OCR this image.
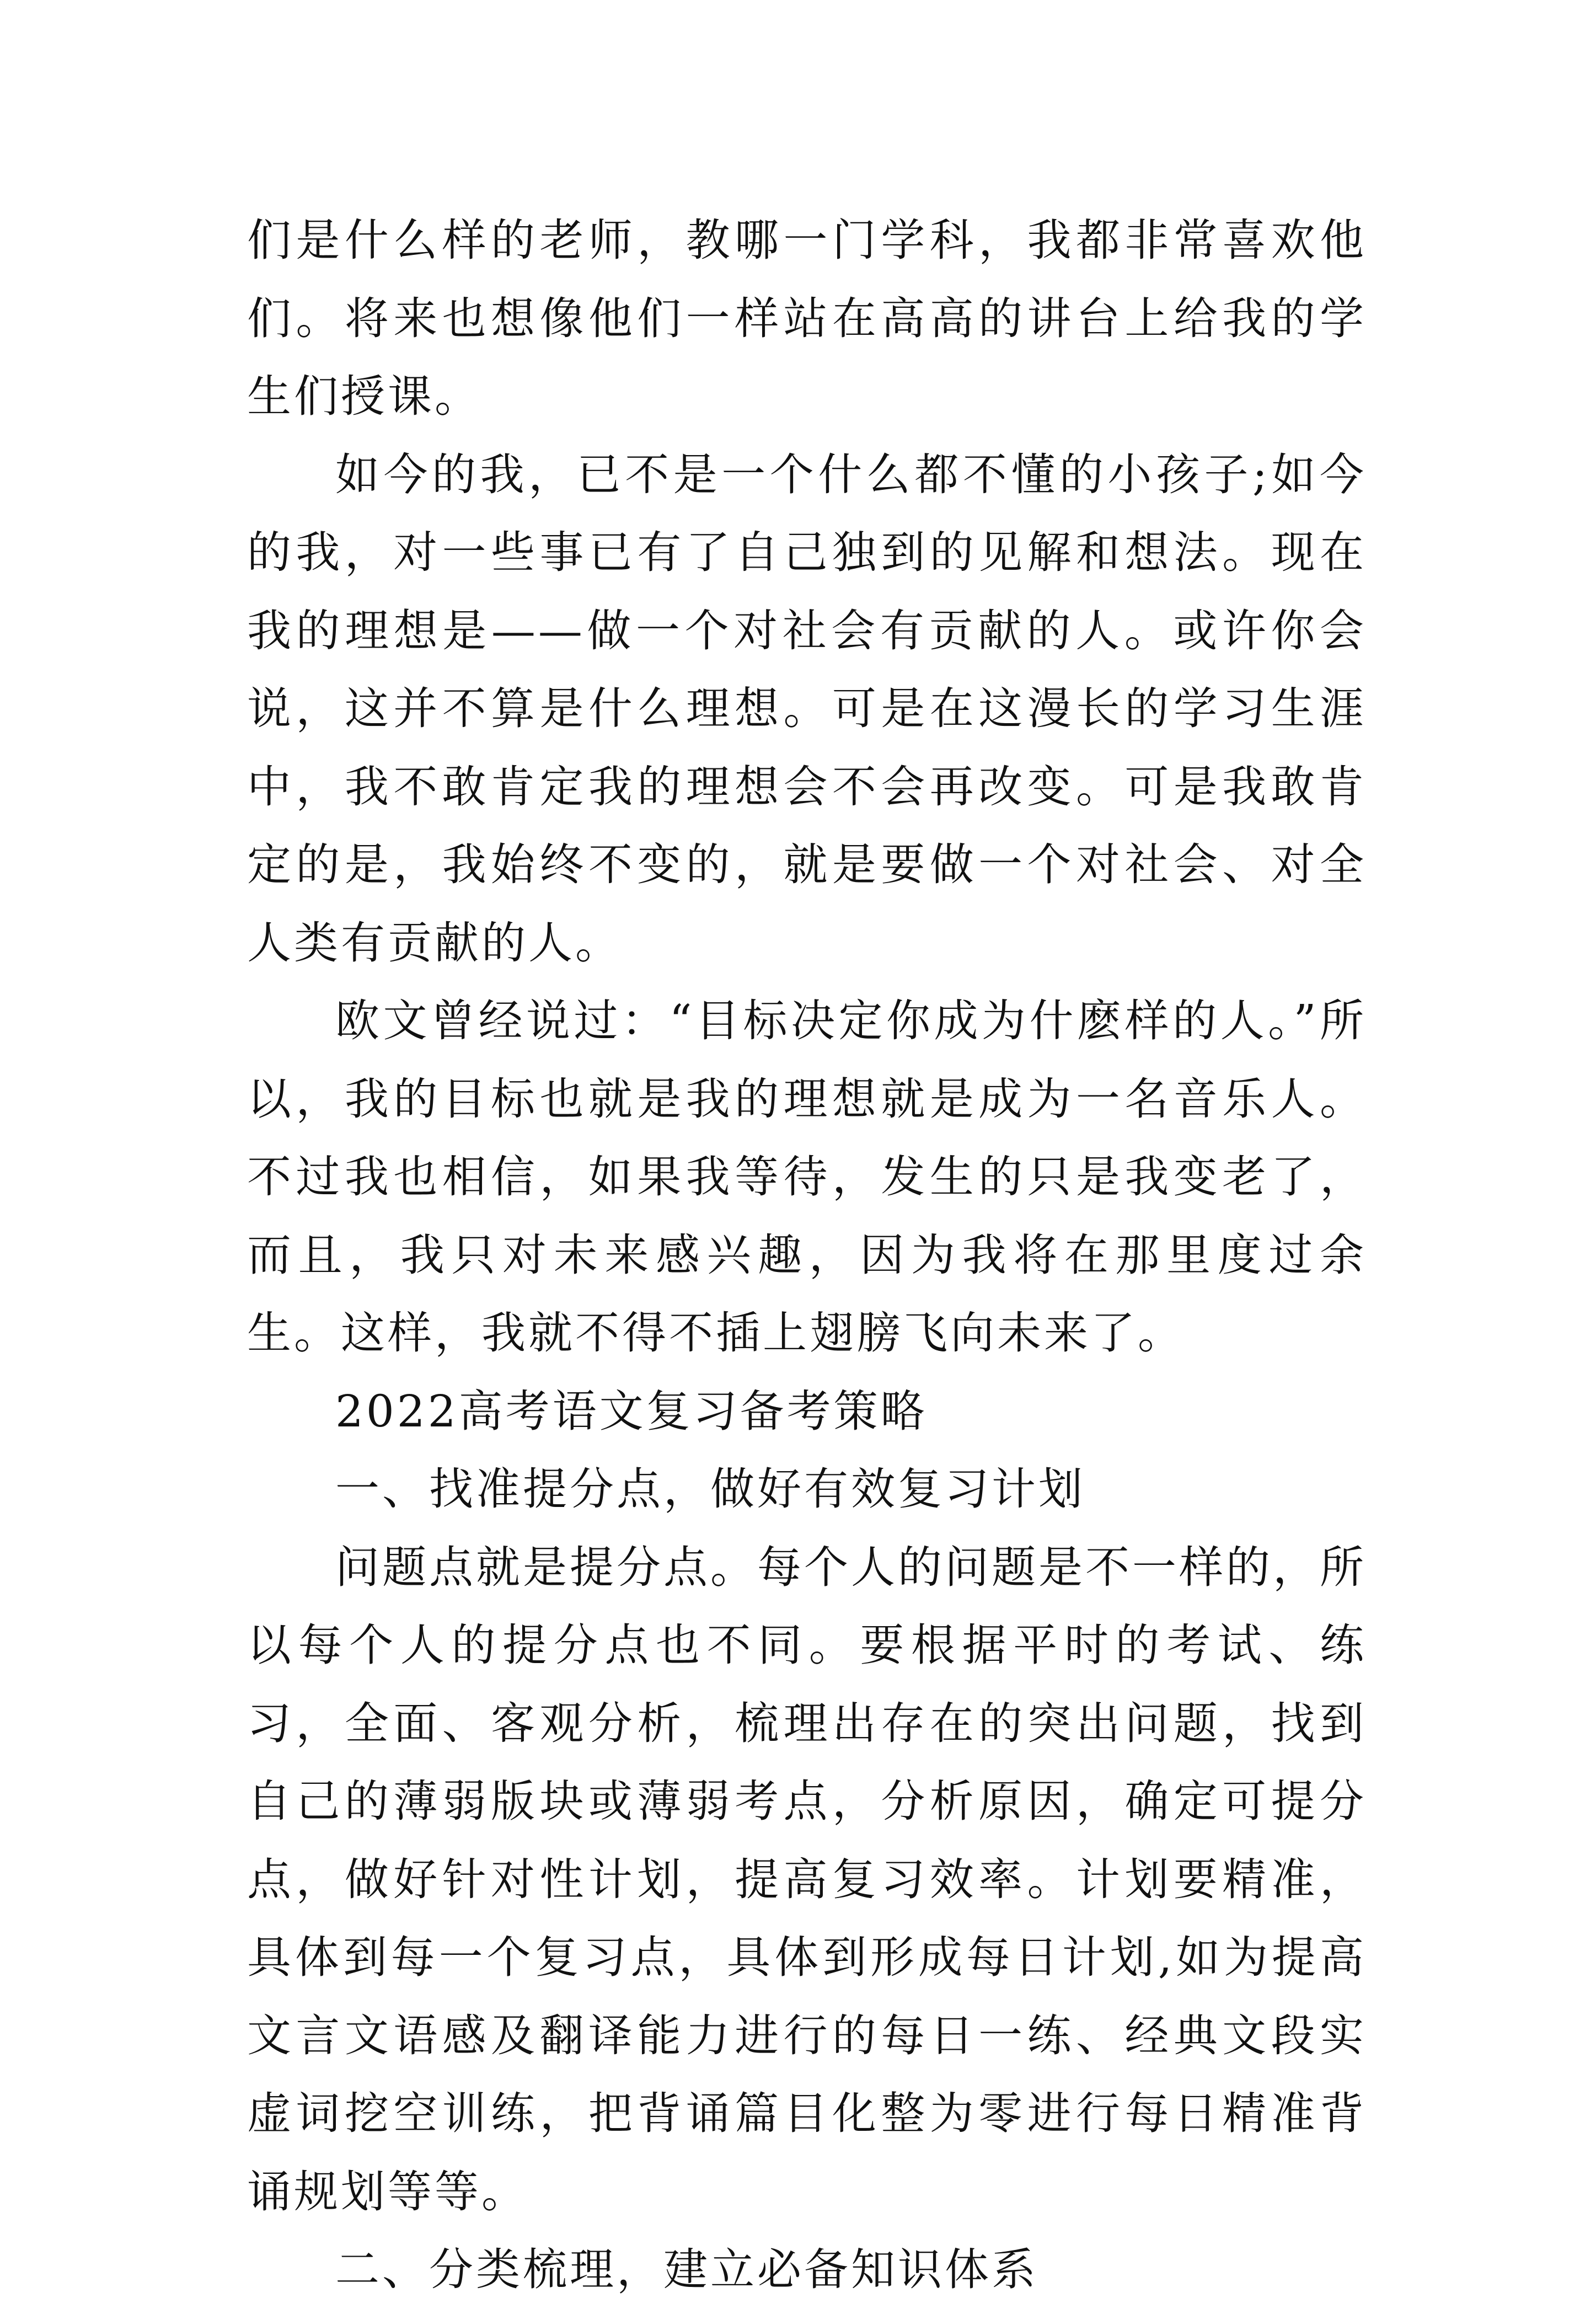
们是什么样的老师，教哪一门学科，我都非常喜欢他们。将来也想像他们一样站在高高的讲台上给我的学生们授课。

如今的我，已不是一个什么都不懂的小孩子;如今的我，对一些事已有了自己独到的见解和想法。现在我的理想是——做一个对社会有贡献的人。或许你会说，这并不算是什么理想。可是在这漫长的学习生涯中，我不敢肯定我的理想会不会再改变。可是我敢肯定的是，我始终不变的，就是要做一个对社会、对全人类有贡献的人。

欧文曾经说过：“目标决定你成为什麽样的人。”所以，我的目标也就是我的理想就是成为一名音乐人。不过我也相信，如果我等待，发生的只是我变老了，而且，我只对未来感兴趣，因为我将在那里度过余生。这样，我就不得不插上翅膀飞向未来了。

2022高考语文复习备考策略

一、找准提分点，做好有效复习计划

问题点就是提分点。每个人的问题是不一样的，所以每个人的提分点也不同。要根据平时的考试、练习，全面、客观分析，梳理出存在的突出问题，找到自己的薄弱版块或薄弱考点，分析原因，确定可提分点，做好针对性计划，提高复习效率。计划要精准，具体到每一个复习点，具体到形成每日计划,如为提高文言文语感及翻译能力进行的每日一练、经典文段实虚词挖空训练，把背诵篇目化整为零进行每日精准背诵规划等等。

二、分类梳理，建立必备知识体系
